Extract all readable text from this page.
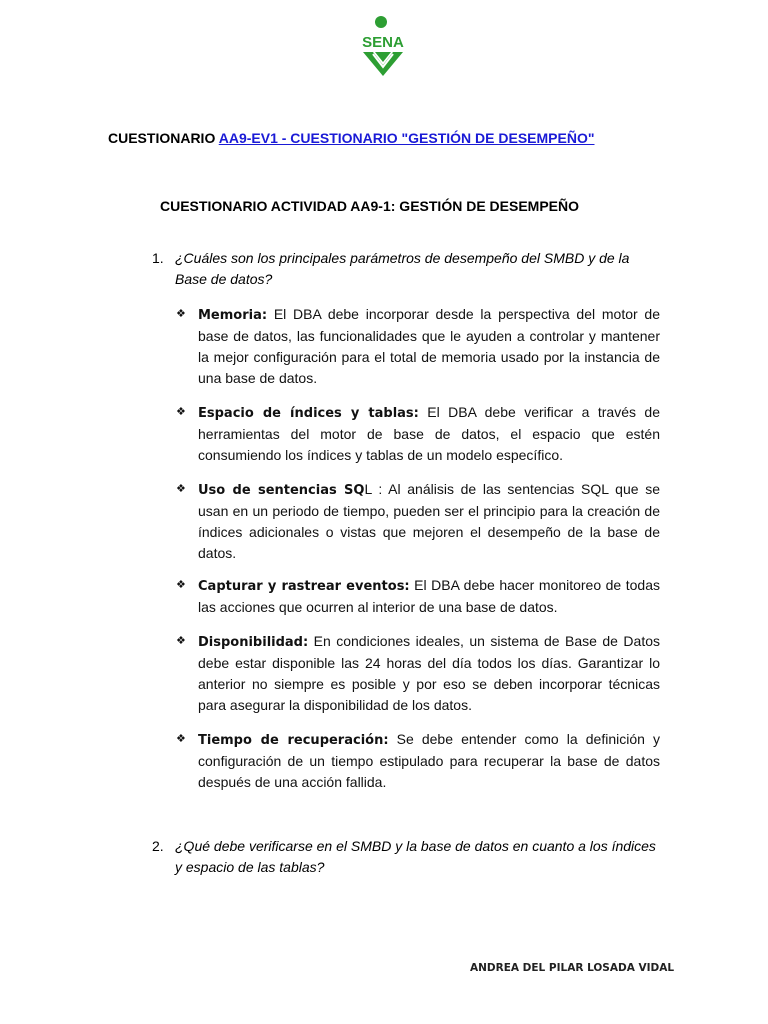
SENA
CUESTIONARIO AA9-EV1 - CUESTIONARIO "GESTIÓN DE DESEMPEÑO"
CUESTIONARIO ACTIVIDAD AA9-1: GESTIÓN DE DESEMPEÑO
1. ¿Cuáles son los principales parámetros de desempeño del SMBD y de la Base de datos?
❖ Memoria: El DBA debe incorporar desde la perspectiva del motor de base de datos, las funcionalidades que le ayuden a controlar y mantener la mejor configuración para el total de memoria usado por la instancia de una base de datos.
❖ Espacio de índices y tablas: El DBA debe verificar a través de herramientas del motor de base de datos, el espacio que estén consumiendo los índices y tablas de un modelo específico.
❖ Uso de sentencias SQL : Al análisis de las sentencias SQL que se usan en un periodo de tiempo, pueden ser el principio para la creación de índices adicionales o vistas que mejoren el desempeño de la base de datos.
❖ Capturar y rastrear eventos: El DBA debe hacer monitoreo de todas las acciones que ocurren al interior de una base de datos.
❖ Disponibilidad: En condiciones ideales, un sistema de Base de Datos debe estar disponible las 24 horas del día todos los días. Garantizar lo anterior no siempre es posible y por eso se deben incorporar técnicas para asegurar la disponibilidad de los datos.
❖ Tiempo de recuperación: Se debe entender como la definición y configuración de un tiempo estipulado para recuperar la base de datos después de una acción fallida.
2. ¿Qué debe verificarse en el SMBD y la base de datos en cuanto a los índices y espacio de las tablas?
ANDREA DEL PILAR LOSADA VIDAL
